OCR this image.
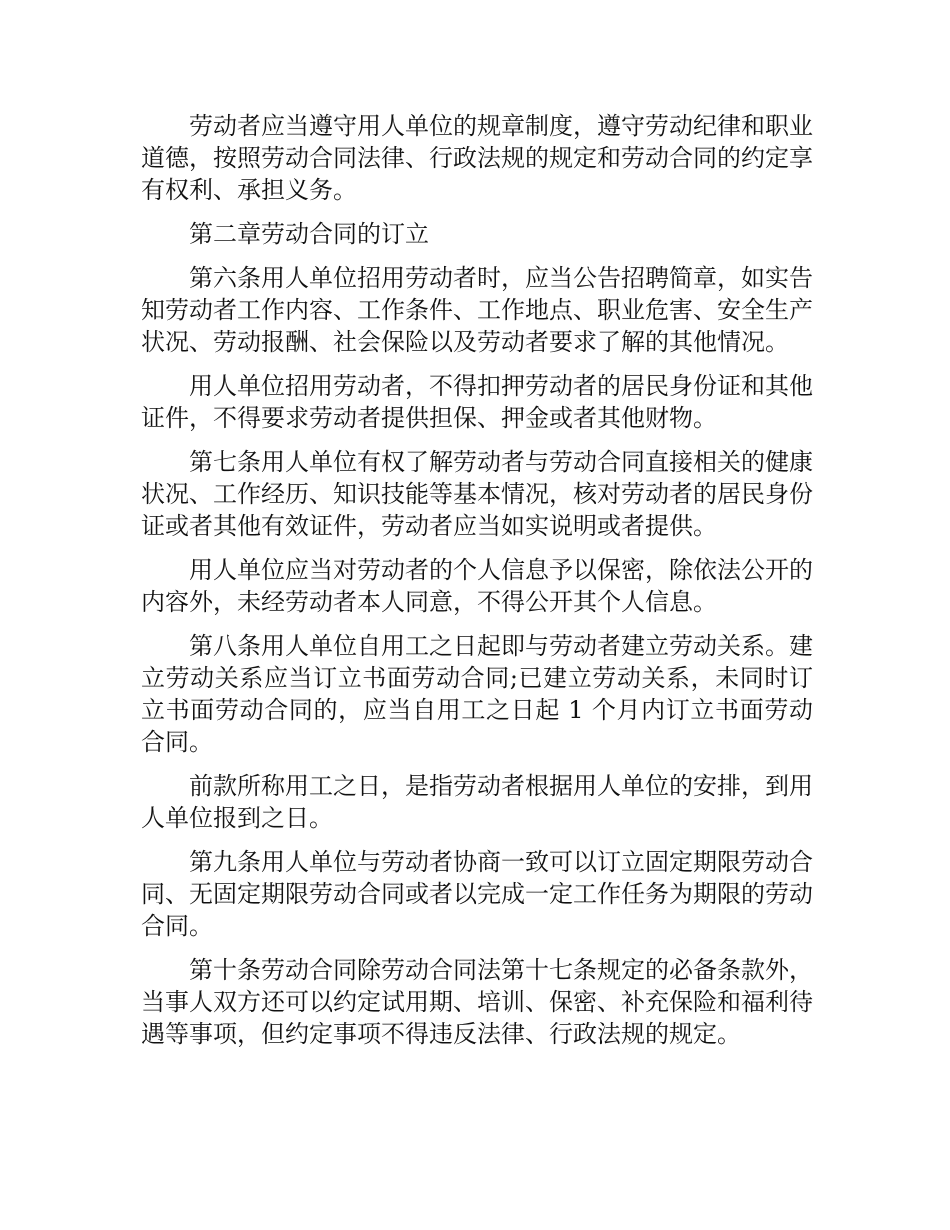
劳动者应当遵守用人单位的规章制度，遵守劳动纪律和职业道德，按照劳动合同法律、行政法规的规定和劳动合同的约定享有权利、承担义务。

第二章劳动合同的订立

第六条用人单位招用劳动者时，应当公告招聘简章，如实告知劳动者工作内容、工作条件、工作地点、职业危害、安全生产状况、劳动报酬、社会保险以及劳动者要求了解的其他情况。

用人单位招用劳动者，不得扣押劳动者的居民身份证和其他证件，不得要求劳动者提供担保、押金或者其他财物。

第七条用人单位有权了解劳动者与劳动合同直接相关的健康状况、工作经历、知识技能等基本情况，核对劳动者的居民身份证或者其他有效证件，劳动者应当如实说明或者提供。

用人单位应当对劳动者的个人信息予以保密，除依法公开的内容外，未经劳动者本人同意，不得公开其个人信息。

第八条用人单位自用工之日起即与劳动者建立劳动关系。建立劳动关系应当订立书面劳动合同;已建立劳动关系，未同时订立书面劳动合同的，应当自用工之日起 1 个月内订立书面劳动合同。

前款所称用工之日，是指劳动者根据用人单位的安排，到用人单位报到之日。

第九条用人单位与劳动者协商一致可以订立固定期限劳动合同、无固定期限劳动合同或者以完成一定工作任务为期限的劳动合同。

第十条劳动合同除劳动合同法第十七条规定的必备条款外，当事人双方还可以约定试用期、培训、保密、补充保险和福利待遇等事项，但约定事项不得违反法律、行政法规的规定。
